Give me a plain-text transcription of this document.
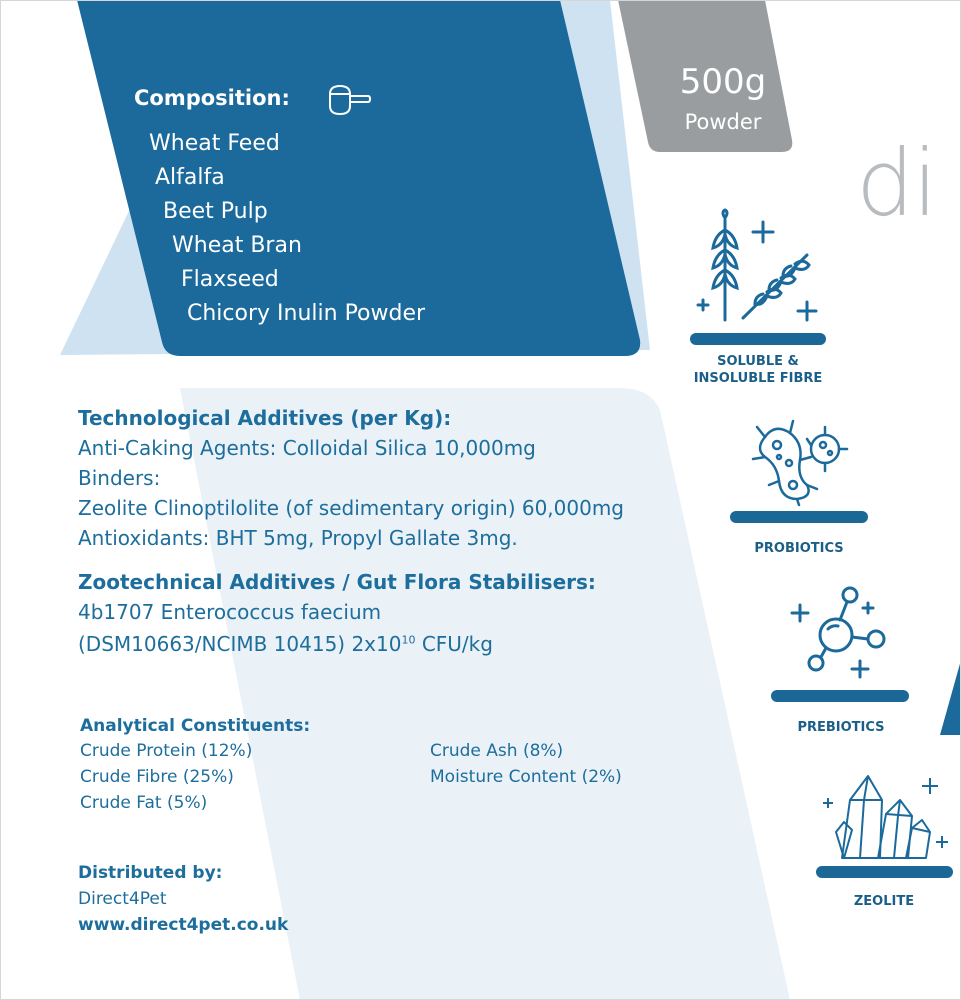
Composition:
Wheat Feed
Alfalfa
Beet Pulp
Wheat Bran
Flaxseed
Chicory Inulin Powder
500g
Powder
di
Technological Additives (per Kg):
Anti-Caking Agents: Colloidal Silica 10,000mg
Binders:
Zeolite Clinoptilolite (of sedimentary origin) 60,000mg
Antioxidants: BHT 5mg, Propyl Gallate 3mg.
Zootechnical Additives / Gut Flora Stabilisers:
4b1707 Enterococcus faecium
(DSM10663/NCIMB 10415) $2x10^{10}$ CFU/kg
Analytical Constituents:
Crude Protein (12%)
Crude Fibre (25%)
Crude Fat (5%)
Crude Ash (8%)
Moisture Content (2%)
Distributed by:
Direct4Pet
www.direct4pet.co.uk
SOLUBLE &
INSOLUBLE FIBRE
PROBIOTICS
PREBIOTICS
ZEOLITE
